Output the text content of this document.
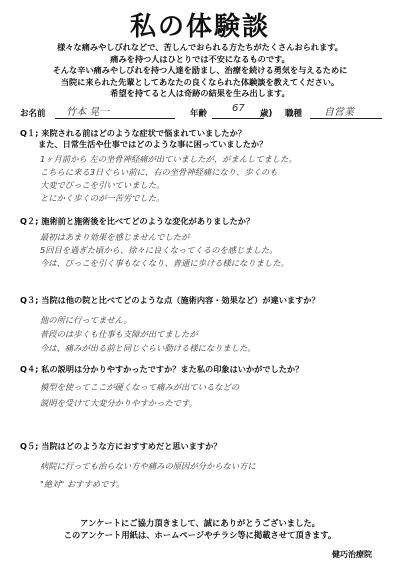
私の体験談
様々な痛みやしびれなどで、苦しんでおられる方たちがたくさんおられます。
痛みを持つ人はひとりでは不安になるものです。
そんな辛い痛みやしびれを持つ人達を励まし、治療を続ける勇気を与えるために
当院に来られた先輩としてあなたの良くなられた体験談を教えてください。
希望を持てると人は奇跡の結果を生み出します。
お名前 竹本 晃一	年齢 67 歳) 職種 自営業
Q１; 来院される前はどのような症状で悩まれていましたか？
また、日常生活や仕事ではどのような事に困っていましたか？
1ヶ月前から 左の坐骨神経痛が出ていましたが、がまんしてました。
こちらに来る3日ぐらい前に、右の坐骨神経痛になり、歩くのも
大変でびっこを引いていました。
とにかく歩くのが一苦労でした。
Q２; 施術前と施術後を比べてどのような変化がありましたか？
最初はあまり効果を感じませんでしたが
5回目を過ぎた頃から、徐々に良くなってくるのを感じました。
今は、びっこを引く事もなくなり、普通に歩ける様になりました。
Q３; 当院は他の院と比べてどのような点（施術内容・効果など）が違いますか？
他の所に行ってません。
普段のは歩くも仕事も支障が出てましたが
今は、痛みが出る前と同じぐらい動ける様になりました。
Q４; 私の説明は分かりやすかったですか？また私の印象はいかがでしたか？
模型を使ってここが硬くなって痛みが出ているなどの
説明を受けて大変分かりやすかったです。
Q５; 当院はどのような方におすすめだと思いますか？
病院に行っても治らない方や痛みの原因が分からない方に
"絶対" おすすめです。
アンケートにご協力頂きまして、誠にありがとうございました。
このアンケート用紙は、ホームページやチラシ等に掲載させて頂きます。
健巧治療院
